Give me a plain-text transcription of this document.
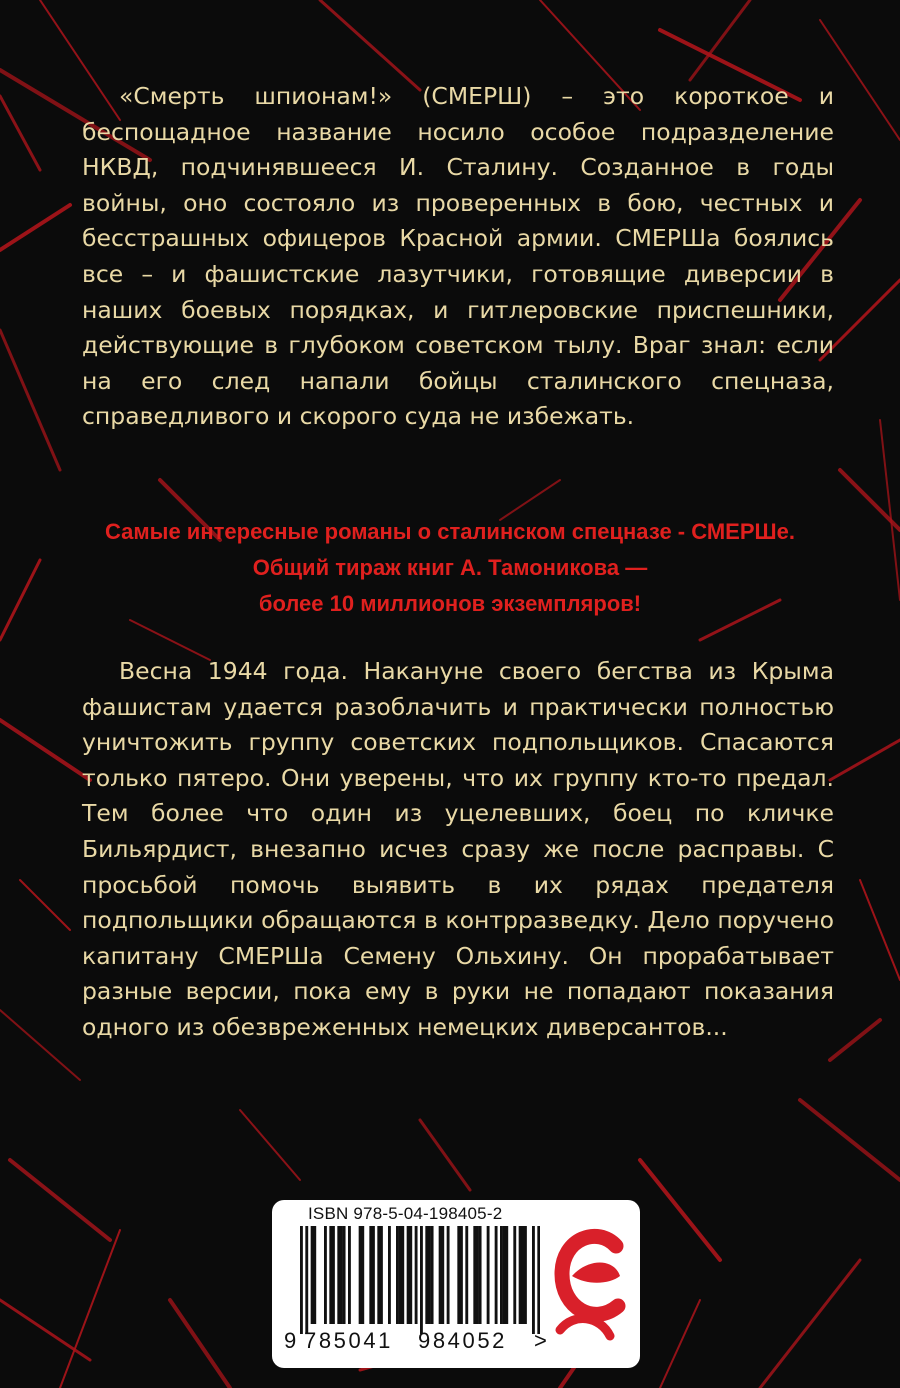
«Смерть шпионам!» (СМЕРШ) – это короткое и беспощадное название носило особое подразделение НКВД, подчинявшееся И. Сталину. Созданное в годы войны, оно состояло из проверенных в бою, честных и бесстрашных офицеров Красной армии. СМЕРШа боялись все – и фашистские лазутчики, готовящие диверсии в наших боевых порядках, и гитлеровские приспешники, действующие в глубоком советском тылу. Враг знал: если на его след напали бойцы сталинского спецназа, справедливого и скорого суда не избежать.

Самые интересные романы о сталинском спецназе - СМЕРШе.
Общий тираж книг А. Тамоникова —
более 10 миллионов экземпляров!

Весна 1944 года. Накануне своего бегства из Крыма фашистам удается разоблачить и практически полностью уничтожить группу советских подпольщиков. Спасаются только пятеро. Они уверены, что их группу кто-то предал. Тем более что один из уцелевших, боец по кличке Бильярдист, внезапно исчез сразу же после расправы. С просьбой помочь выявить в их рядах предателя подпольщики обращаются в контрразведку. Дело поручено капитану СМЕРШа Семену Ольхину. Он прорабатывает разные версии, пока ему в руки не попадают показания одного из обезвреженных немецких диверсантов...

ISBN 978-5-04-198405-2
9 785041 984052 >
